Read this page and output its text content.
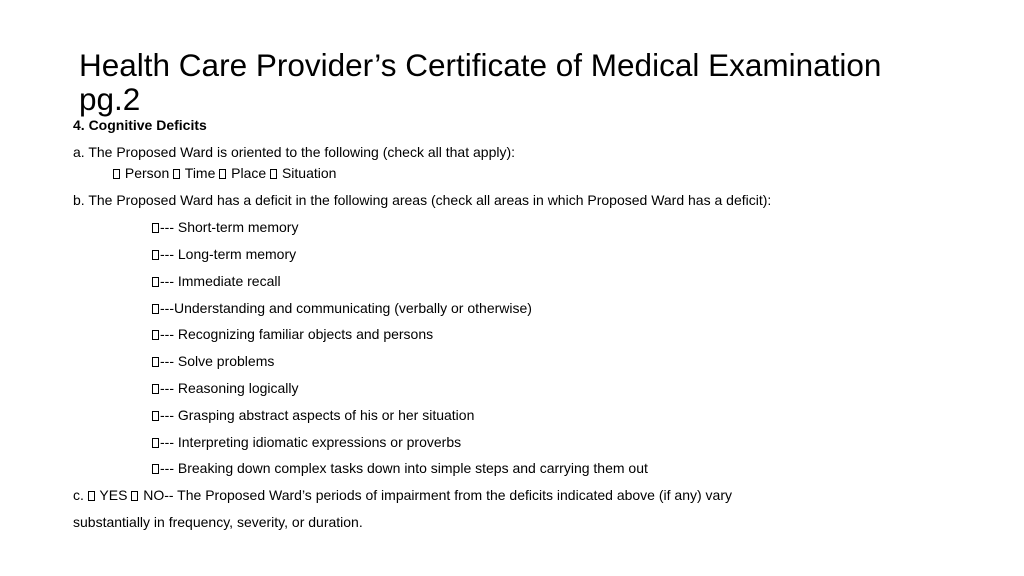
Health Care Provider’s Certificate of Medical Examination
pg.2
4. Cognitive Deficits
a. The Proposed Ward is oriented to the following (check all that apply):
Person Time Place Situation
b. The Proposed Ward has a deficit in the following areas (check all areas in which Proposed Ward has a deficit):
--- Short-term memory
--- Long-term memory
--- Immediate recall
---Understanding and communicating (verbally or otherwise)
--- Recognizing familiar objects and persons
--- Solve problems
--- Reasoning logically
--- Grasping abstract aspects of his or her situation
--- Interpreting idiomatic expressions or proverbs
--- Breaking down complex tasks down into simple steps and carrying them out
c. YES NO-- The Proposed Ward’s periods of impairment from the deficits indicated above (if any) vary
substantially in frequency, severity, or duration.
